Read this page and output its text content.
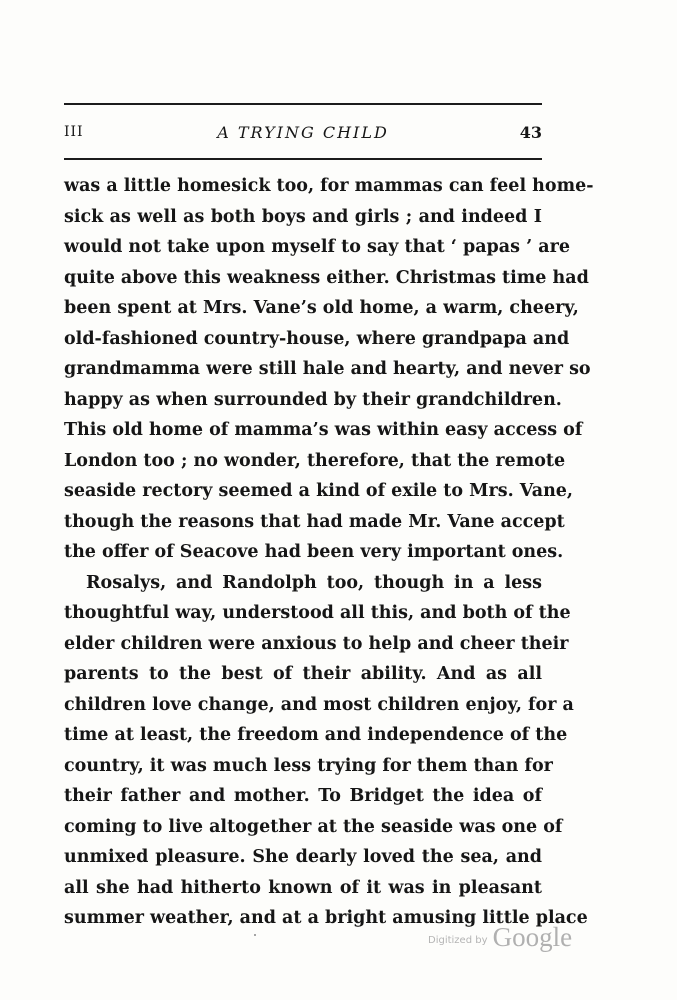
III	A TRYING CHILD	43
was a little homesick too, for mammas can feel home-
sick as well as both boys and girls ; and indeed I
would not take upon myself to say that ‘ papas ’ are
quite above this weakness either. Christmas time had
been spent at Mrs. Vane’s old home, a warm, cheery,
old-fashioned country-house, where grandpapa and
grandmamma were still hale and hearty, and never so
happy as when surrounded by their grandchildren.
This old home of mamma’s was within easy access of
London too ; no wonder, therefore, that the remote
seaside rectory seemed a kind of exile to Mrs. Vane,
though the reasons that had made Mr. Vane accept
the offer of Seacove had been very important ones.
Rosalys, and Randolph too, though in a less
thoughtful way, understood all this, and both of the
elder children were anxious to help and cheer their
parents to the best of their ability. And as all
children love change, and most children enjoy, for a
time at least, the freedom and independence of the
country, it was much less trying for them than for
their father and mother. To Bridget the idea of
coming to live altogether at the seaside was one of
unmixed pleasure. She dearly loved the sea, and
all she had hitherto known of it was in pleasant
summer weather, and at a bright amusing little place
Digitized by Google
